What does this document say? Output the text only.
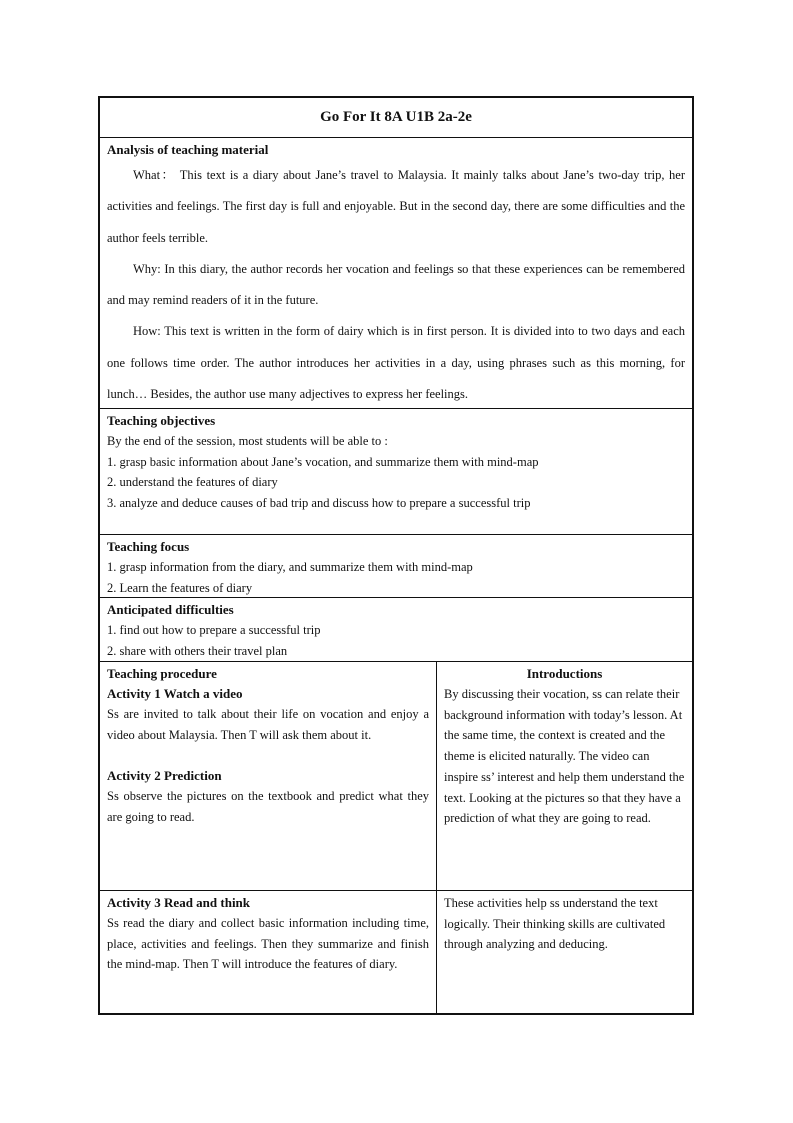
Go For It 8A U1B 2a-2e
Analysis of teaching material

What： This text is a diary about Jane’s travel to Malaysia. It mainly talks about Jane’s two-day trip, her activities and feelings. The first day is full and enjoyable. But in the second day, there are some difficulties and the author feels terrible.

Why: In this diary, the author records her vocation and feelings so that these experiences can be remembered and may remind readers of it in the future.

How: This text is written in the form of dairy which is in first person. It is divided into to two days and each one follows time order. The author introduces her activities in a day, using phrases such as this morning, for lunch… Besides, the author use many adjectives to express her feelings.

Teaching objectives
By the end of the session, most students will be able to :
1. grasp basic information about Jane’s vocation, and summarize them with mind-map
2. understand the features of diary
3. analyze and deduce causes of bad trip and discuss how to prepare a successful trip
Teaching focus
1. grasp information from the diary, and summarize them with mind-map
2. Learn the features of diary
Anticipated difficulties
1. find out how to prepare a successful trip
2. share with others their travel plan
Teaching procedure
Activity 1 Watch a video
Ss are invited to talk about their life on vocation and enjoy a video about Malaysia. Then T will ask them about it.
Activity 2 Prediction
Ss observe the pictures on the textbook and predict what they are going to read.
Introductions
By discussing their vocation, ss can relate their background information with today’s lesson. At the same time, the context is created and the theme is elicited naturally. The video can inspire ss’ interest and help them understand the text. Looking at the pictures so that they have a prediction of what they are going to read.
Activity 3 Read and think
Ss read the diary and collect basic information including time, place, activities and feelings. Then they summarize and finish the mind-map. Then T will introduce the features of diary.
These activities help ss understand the text logically. Their thinking skills are cultivated through analyzing and deducing.
